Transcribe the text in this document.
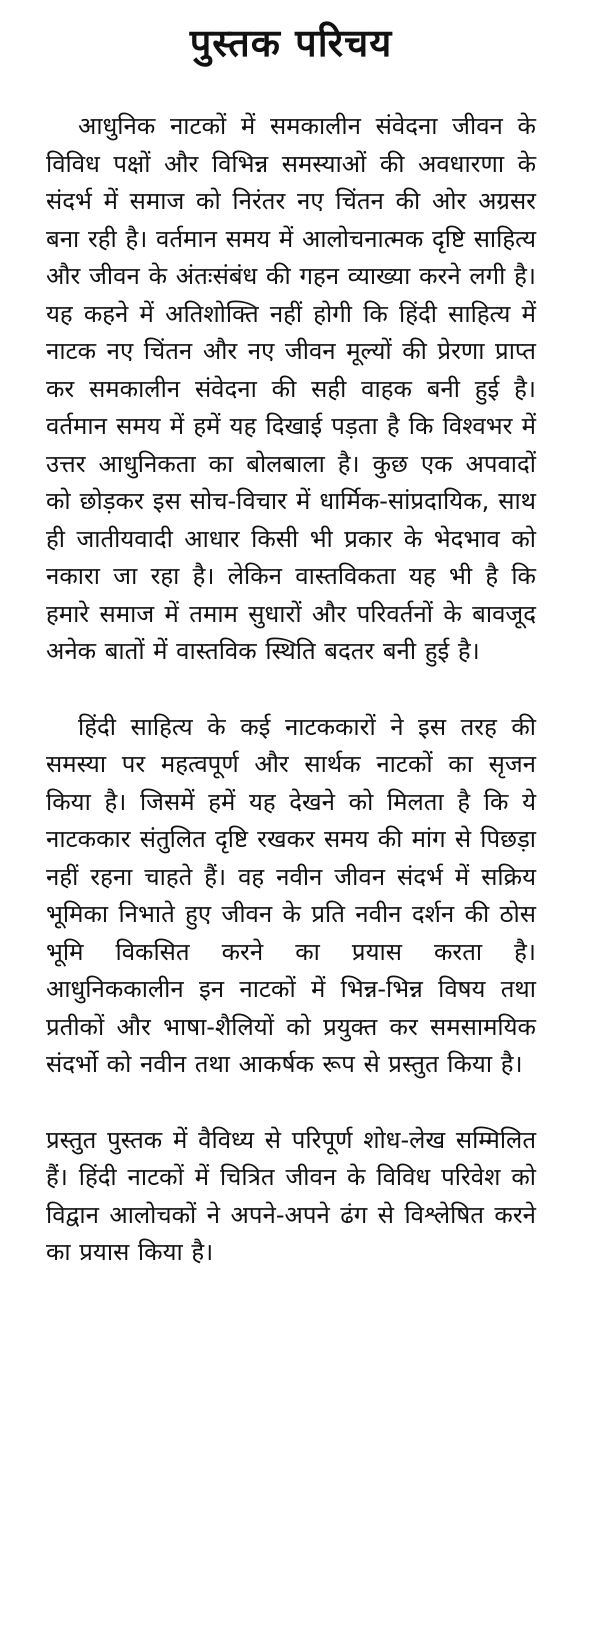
पुस्तक परिचय

आधुनिक नाटकों में समकालीन संवेदना जीवन के विविध पक्षों और विभिन्न समस्याओं की अवधारणा के संदर्भ में समाज को निरंतर नए चिंतन की ओर अग्रसर बना रही है। वर्तमान समय में आलोचनात्मक दृष्टि साहित्य और जीवन के अंतःसंबंध की गहन व्याख्या करने लगी है। यह कहने में अतिशोक्ति नहीं होगी कि हिंदी साहित्य में नाटक नए चिंतन और नए जीवन मूल्यों की प्रेरणा प्राप्त कर समकालीन संवेदना की सही वाहक बनी हुई है। वर्तमान समय में हमें यह दिखाई पड़ता है कि विश्वभर में उत्तर आधुनिकता का बोलबाला है। कुछ एक अपवादों को छोड़कर इस सोच-विचार में धार्मिक-सांप्रदायिक, साथ ही जातीयवादी आधार किसी भी प्रकार के भेदभाव को नकारा जा रहा है। लेकिन वास्तविकता यह भी है कि हमारे समाज में तमाम सुधारों और परिवर्तनों के बावजूद अनेक बातों में वास्तविक स्थिति बदतर बनी हुई है।

हिंदी साहित्य के कई नाटककारों ने इस तरह की समस्या पर महत्वपूर्ण और सार्थक नाटकों का सृजन किया है। जिसमें हमें यह देखने को मिलता है कि ये नाटककार संतुलित दृष्टि रखकर समय की मांग से पिछड़ा नहीं रहना चाहते हैं। वह नवीन जीवन संदर्भ में सक्रिय भूमिका निभाते हुए जीवन के प्रति नवीन दर्शन की ठोस भूमि विकसित करने का प्रयास करता है। आधुनिककालीन इन नाटकों में भिन्न-भिन्न विषय तथा प्रतीकों और भाषा-शैलियों को प्रयुक्त कर समसामयिक संदर्भो को नवीन तथा आकर्षक रूप से प्रस्तुत किया है।

प्रस्तुत पुस्तक में वैविध्य से परिपूर्ण शोध-लेख सम्मिलित हैं। हिंदी नाटकों में चित्रित जीवन के विविध परिवेश को विद्वान आलोचकों ने अपने-अपने ढंग से विश्लेषित करने का प्रयास किया है।
